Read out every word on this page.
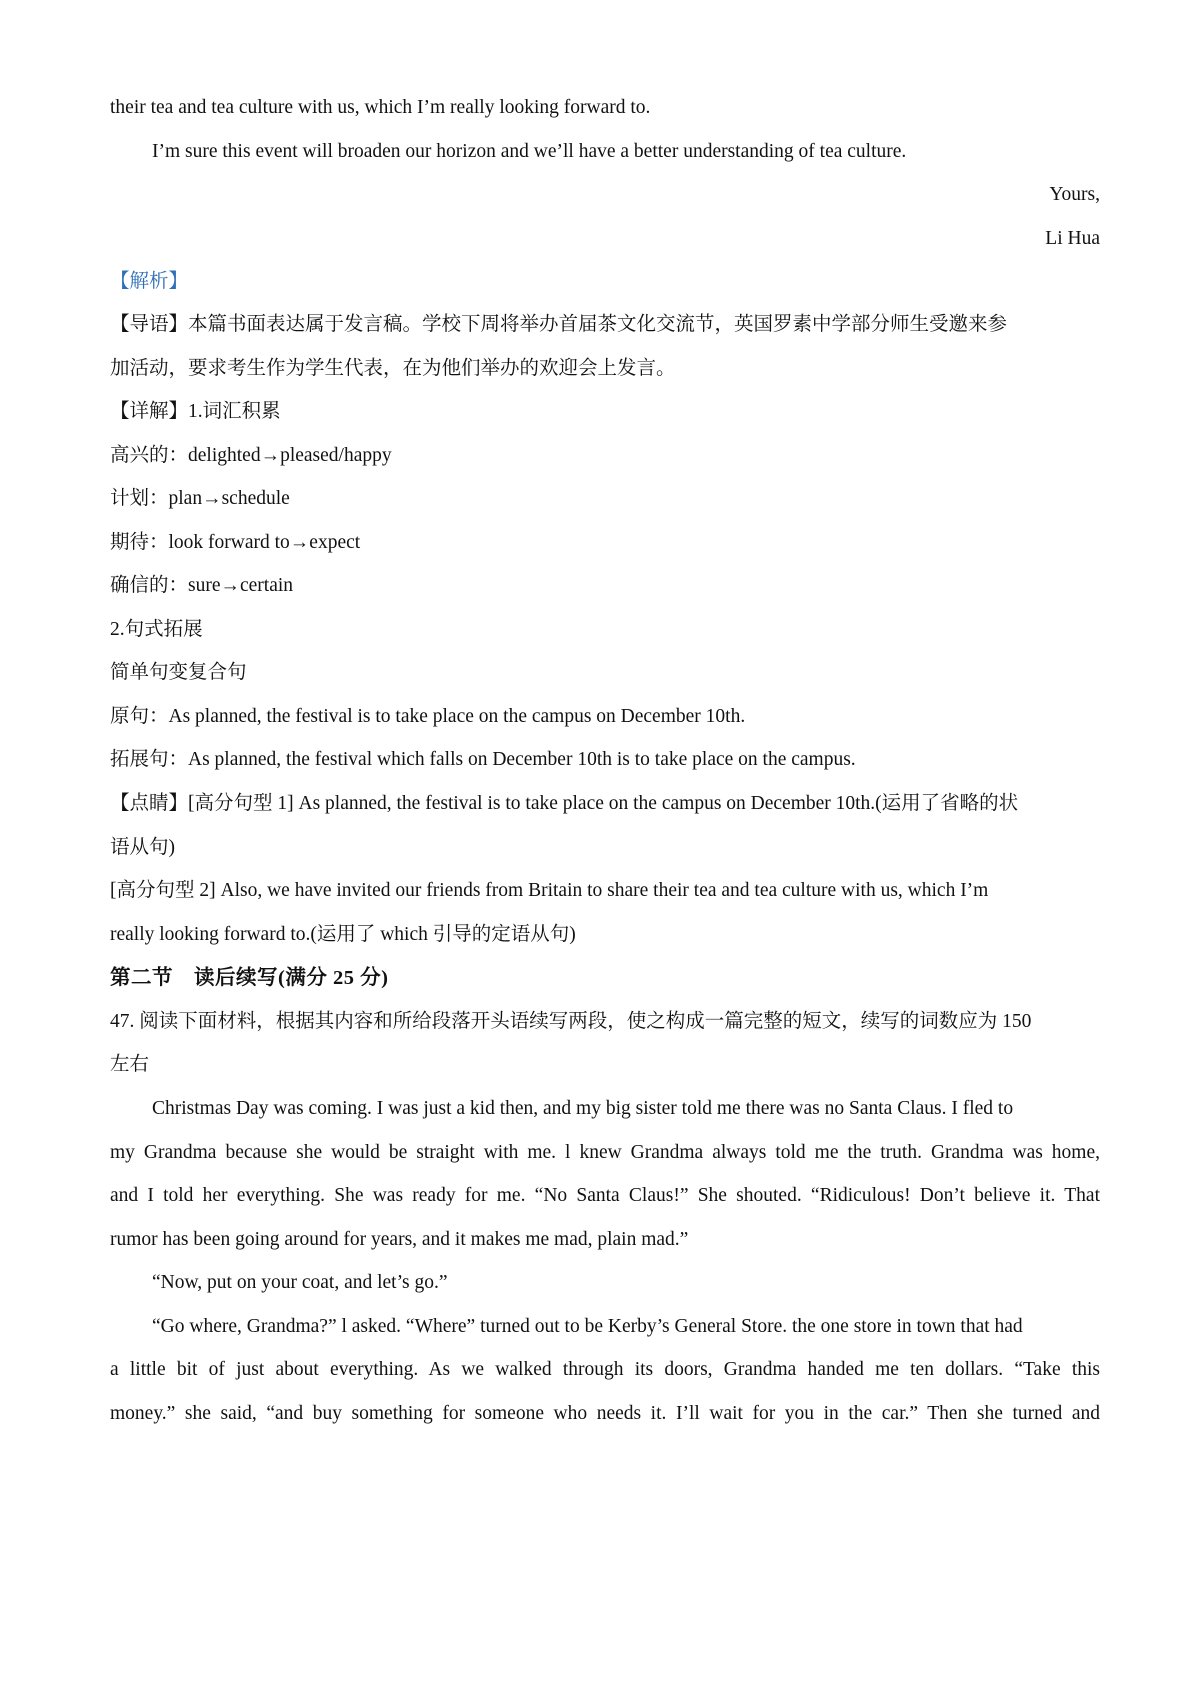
their tea and tea culture with us, which I’m really looking forward to.
I’m sure this event will broaden our horizon and we’ll have a better understanding of tea culture.
Yours,
Li Hua
【解析】
【导语】本篇书面表达属于发言稿。学校下周将举办首届茶文化交流节，英国罗素中学部分师生受邀来参
加活动，要求考生作为学生代表，在为他们举办的欢迎会上发言。
【详解】1.词汇积累
高兴的：delighted→pleased/happy
计划：plan→schedule
期待：look forward to→expect
确信的：sure→certain
2.句式拓展
简单句变复合句
原句：As planned, the festival is to take place on the campus on December 10th.
拓展句：As planned, the festival which falls on December 10th is to take place on the campus.
【点睛】[高分句型 1] As planned, the festival is to take place on the campus on December 10th.(运用了省略的状
语从句)
[高分句型 2] Also, we have invited our friends from Britain to share their tea and tea culture with us, which I’m
really looking forward to.(运用了 which 引导的定语从句)
第二节　读后续写(满分 25 分)
47. 阅读下面材料，根据其内容和所给段落开头语续写两段，使之构成一篇完整的短文，续写的词数应为 150
左右
Christmas Day was coming. I was just a kid then, and my big sister told me there was no Santa Claus. I fled to
my Grandma because she would be straight with me. l knew Grandma always told me the truth. Grandma was home,
and I told her everything. She was ready for me. “No Santa Claus!” She shouted. “Ridiculous! Don’t believe it. That
rumor has been going around for years, and it makes me mad, plain mad.”
“Now, put on your coat, and let’s go.”
“Go where, Grandma?” l asked. “Where” turned out to be Kerby’s General Store. the one store in town that had
a little bit of just about everything. As we walked through its doors, Grandma handed me ten dollars. “Take this
money.” she said, “and buy something for someone who needs it. I’ll wait for you in the car.” Then she turned and
